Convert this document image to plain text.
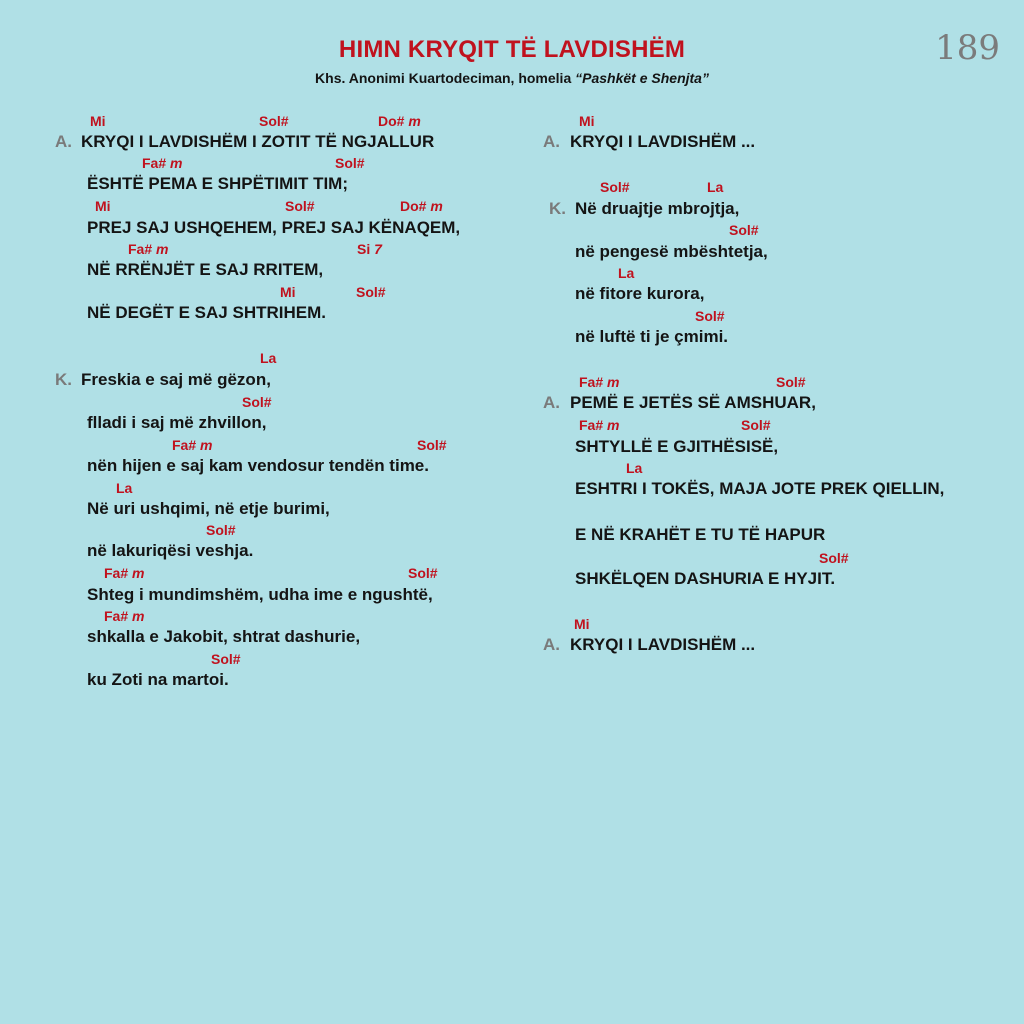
HIMN KRYQIT TË LAVDISHËM
Khs. Anonimi Kuartodeciman, homelia “Pashkët e Shenjta”
189
Mi	Sol#	Do# m
A. KRYQI I LAVDISHËM I ZOTIT TË NGJALLUR
Fa# m	Sol#
ËSHTË PEMA E SHPËTIMIT TIM;
Mi	Sol#	Do# m
PREJ SAJ USHQEHEM, PREJ SAJ KËNAQEM,
Fa# m	Si 7
NË RRËNJËT E SAJ RRITEM,
Mi	Sol#
NË DEGËT E SAJ SHTRIHEM.
La
K. Freskia e saj më gëzon,
Sol#
flladi i saj më zhvillon,
Fa# m	Sol#
nën hijen e saj kam vendosur tendën time.
La
Në uri ushqimi, në etje burimi,
Sol#
në lakuriqësi veshja.
Fa# m	Sol#
Shteg i mundimshëm, udha ime e ngushtë,
Fa# m
shkalla e Jakobit, shtrat dashurie,
Sol#
ku Zoti na martoi.
Mi
A. KRYQI I LAVDISHËM ...
Sol#	La
K. Në druajtje mbrojtja,
Sol#
në pengesë mbështetja,
La
në fitore kurora,
Sol#
në luftë ti je çmimi.
Fa# m	Sol#
A. PEMË E JETËS SË AMSHUAR,
Fa# m	Sol#
SHTYLLË E GJITHËSISË,
La
ESHTRI I TOKËS, MAJA JOTE PREK QIELLIN,
E NË KRAHËT E TU TË HAPUR
Sol#
SHKËLQEN DASHURIA E HYJIT.
Mi
A. KRYQI I LAVDISHËM ...
